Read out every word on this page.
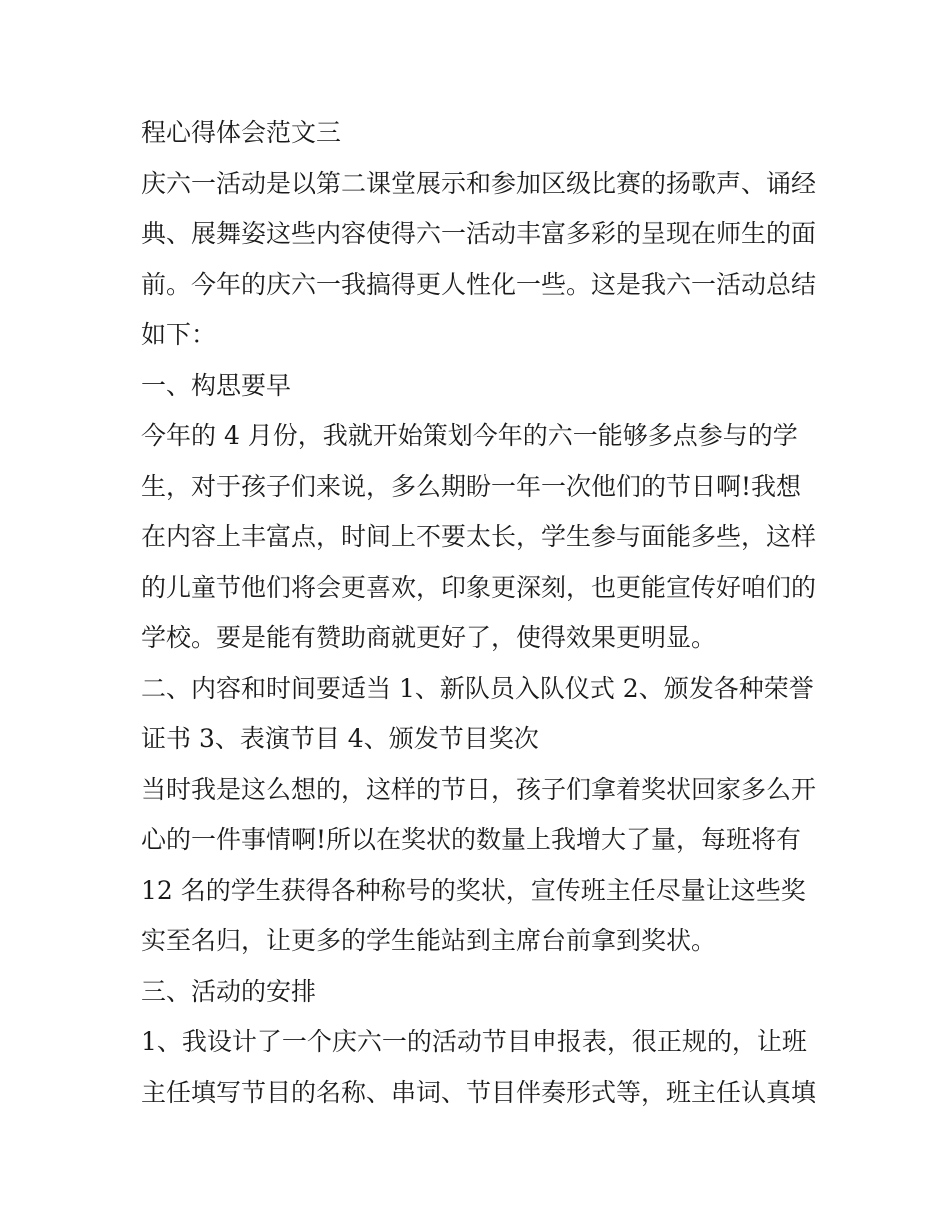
程心得体会范文三
庆六一活动是以第二课堂展示和参加区级比赛的扬歌声、诵经
典、展舞姿这些内容使得六一活动丰富多彩的呈现在师生的面
前。今年的庆六一我搞得更人性化一些。这是我六一活动总结
如下：
一、构思要早
今年的 4 月份，我就开始策划今年的六一能够多点参与的学
生，对于孩子们来说，多么期盼一年一次他们的节日啊!我想
在内容上丰富点，时间上不要太长，学生参与面能多些，这样
的儿童节他们将会更喜欢，印象更深刻，也更能宣传好咱们的
学校。要是能有赞助商就更好了，使得效果更明显。
二、内容和时间要适当 1、新队员入队仪式 2、颁发各种荣誉
证书 3、表演节目 4、颁发节目奖次
当时我是这么想的，这样的节日，孩子们拿着奖状回家多么开
心的一件事情啊!所以在奖状的数量上我增大了量，每班将有
12 名的学生获得各种称号的奖状，宣传班主任尽量让这些奖
实至名归，让更多的学生能站到主席台前拿到奖状。
三、活动的安排
1、我设计了一个庆六一的活动节目申报表，很正规的，让班
主任填写节目的名称、串词、节目伴奏形式等，班主任认真填
